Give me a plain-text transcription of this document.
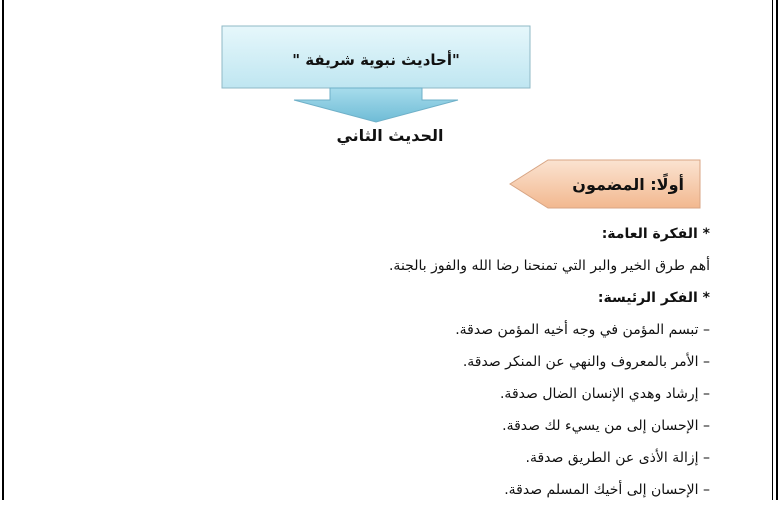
"أحاديث نبوية شريفة "
الحديث الثاني
أولًا: المضمون
* الفكرة العامة:
أهم طرق الخير والبر التي تمنحنا رضا الله والفوز بالجنة.
* الفكر الرئيسة:
– تبسم المؤمن في وجه أخيه المؤمن صدقة.
– الأمر بالمعروف والنهي عن المنكر صدقة.
– إرشاد وهدي الإنسان الضال صدقة.
– الإحسان إلى من يسيء لك صدقة.
– إزالة الأذى عن الطريق صدقة.
– الإحسان إلى أخيك المسلم صدقة.
